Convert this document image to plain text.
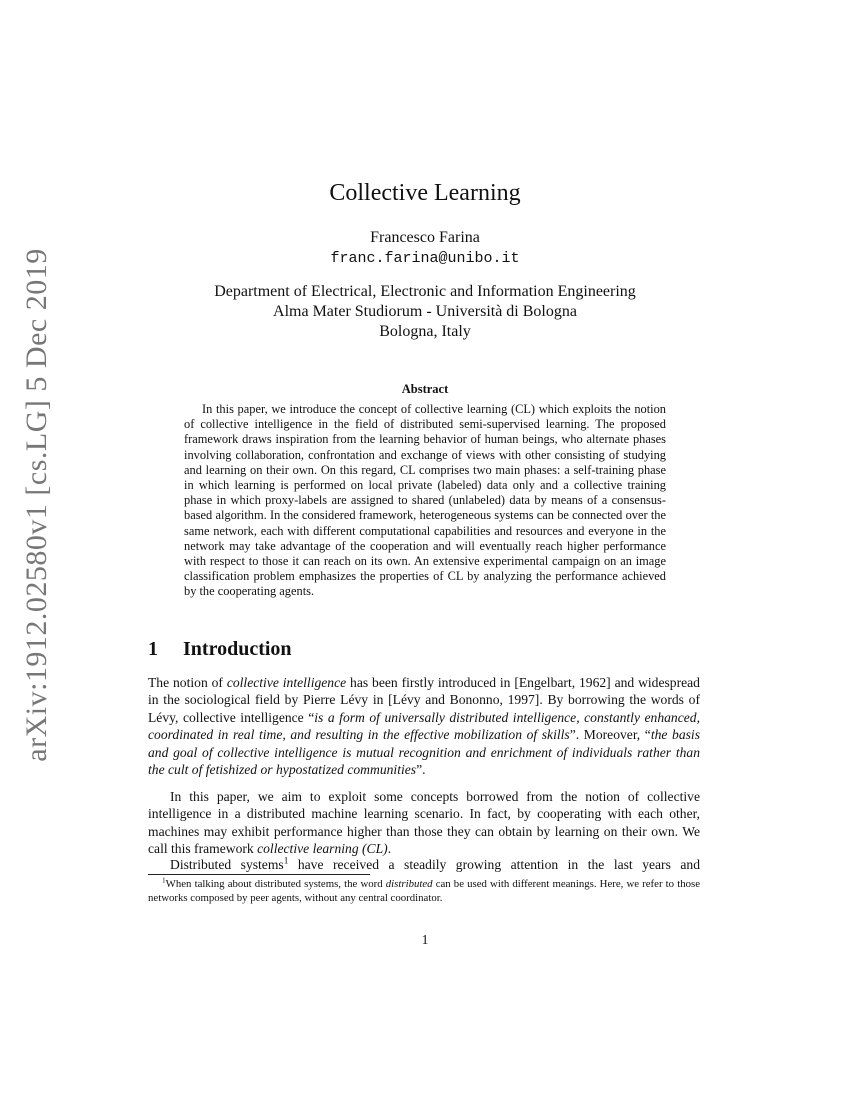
arXiv:1912.02580v1 [cs.LG] 5 Dec 2019
Collective Learning
Francesco Farina
franc.farina@unibo.it
Department of Electrical, Electronic and Information Engineering
Alma Mater Studiorum - Università di Bologna
Bologna, Italy
Abstract

In this paper, we introduce the concept of collective learning (CL) which exploits the notion of collective intelligence in the field of distributed semi-supervised learning. The proposed framework draws inspiration from the learning behavior of human beings, who alternate phases involving collaboration, confrontation and exchange of views with other consisting of studying and learning on their own. On this regard, CL comprises two main phases: a self-training phase in which learning is performed on local private (labeled) data only and a collective training phase in which proxy-labels are assigned to shared (unlabeled) data by means of a consensus-based algorithm. In the considered framework, heterogeneous systems can be connected over the same network, each with different computational capabilities and resources and everyone in the network may take advantage of the cooperation and will eventually reach higher performance with respect to those it can reach on its own. An extensive experimental campaign on an image classification problem emphasizes the properties of CL by analyzing the performance achieved by the cooperating agents.

1 Introduction

The notion of collective intelligence has been firstly introduced in [Engelbart, 1962] and widespread in the sociological field by Pierre Lévy in [Lévy and Bononno, 1997]. By borrowing the words of Lévy, collective intelligence “is a form of universally distributed intelligence, constantly enhanced, coordinated in real time, and resulting in the effective mobilization of skills”. Moreover, “the basis and goal of collective intelligence is mutual recognition and enrichment of individuals rather than the cult of fetishized or hypostatized communities”.

In this paper, we aim to exploit some concepts borrowed from the notion of collective intelligence in a distributed machine learning scenario. In fact, by cooperating with each other, machines may exhibit performance higher than those they can obtain by learning on their own. We call this framework collective learning (CL).

Distributed systems$^1$ have received a steadily growing attention in the last years and

$^1$When talking about distributed systems, the word distributed can be used with different meanings. Here, we refer to those networks composed by peer agents, without any central coordinator.

1
